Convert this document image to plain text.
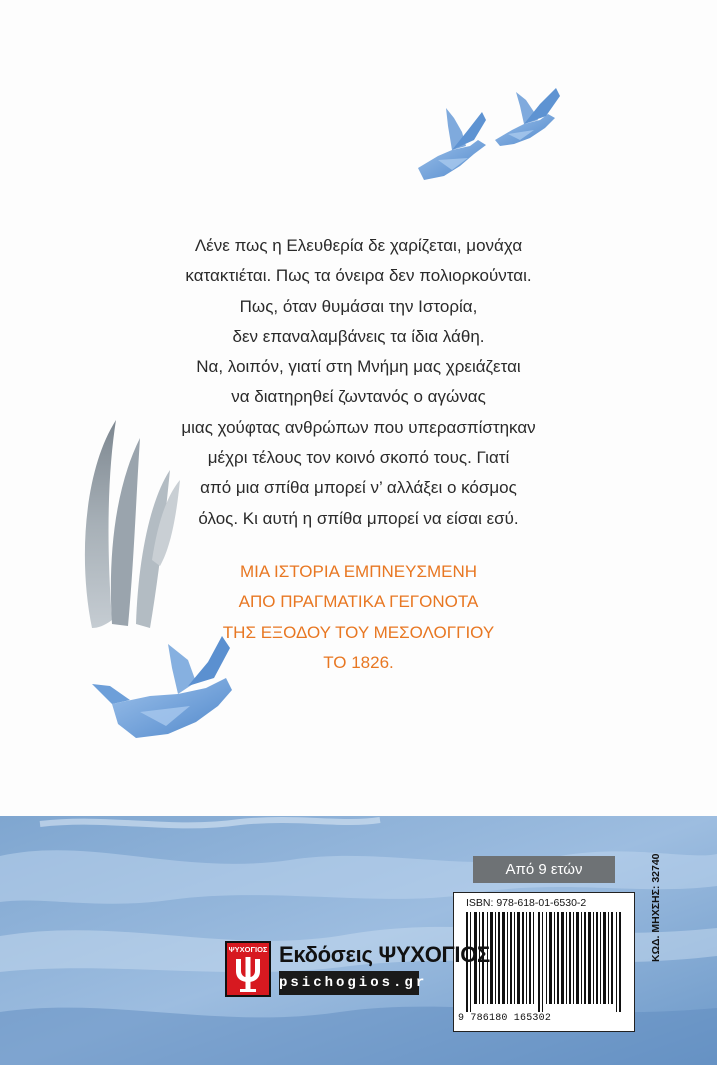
Λένε πως η Ελευθερία δε χαρίζεται, μονάχα
κατακτιέται. Πως τα όνειρα δεν πολιορκούνται.
Πως, όταν θυμάσαι την Ιστορία,
δεν επαναλαμβάνεις τα ίδια λάθη.
Να, λοιπόν, γιατί στη Μνήμη μας χρειάζεται
να διατηρηθεί ζωντανός ο αγώνας
μιας χούφτας ανθρώπων που υπερασπίστηκαν
μέχρι τέλους τον κοινό σκοπό τους. Γιατί
από μια σπίθα μπορεί ν’ αλλάξει ο κόσμος
όλος. Κι αυτή η σπίθα μπορεί να είσαι εσύ.
ΜΙΑ ΙΣΤΟΡΙΑ ΕΜΠΝΕΥΣΜΕΝΗ
ΑΠΟ ΠΡΑΓΜΑΤΙΚΑ ΓΕΓΟΝΟΤΑ
ΤΗΣ ΕΞΟΔΟΥ ΤΟΥ ΜΕΣΟΛΟΓΓΙΟΥ
ΤΟ 1826.
Από 9 ετών
ISBN: 978-618-01-6530-2
9 786180 165302
ΚΩΔ. ΜΗΧΣΗΣ: 32740
ΨΥΧΟΓΙΟΣ Εκδόσεις ΨΥΧΟΓΙΟΣ
psichogios.gr
